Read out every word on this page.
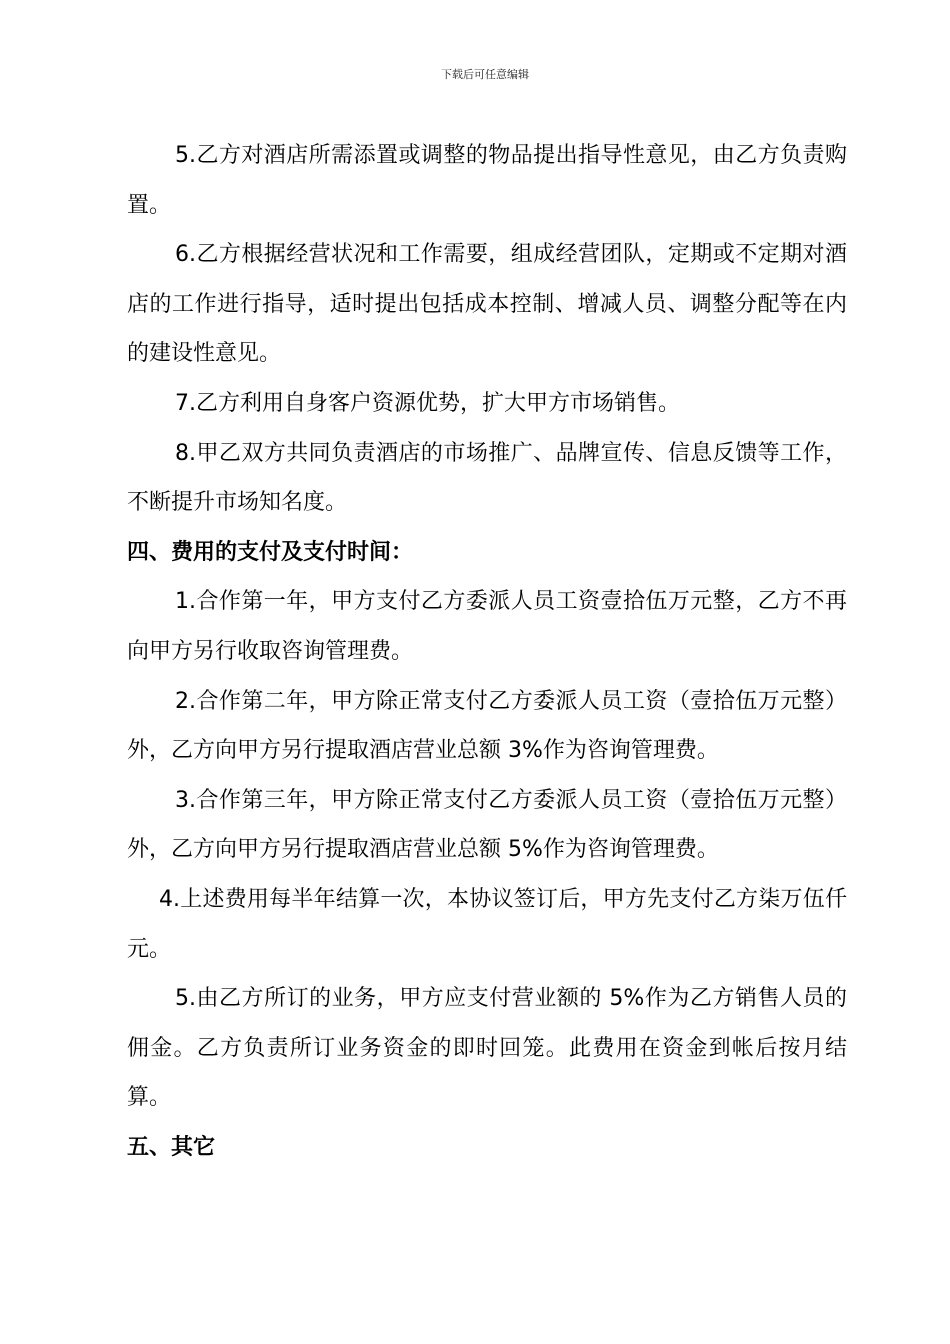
下载后可任意编辑

5.乙方对酒店所需添置或调整的物品提出指导性意见，由乙方负责购置。

6.乙方根据经营状况和工作需要，组成经营团队，定期或不定期对酒店的工作进行指导，适时提出包括成本控制、增减人员、调整分配等在内的建设性意见。

7.乙方利用自身客户资源优势，扩大甲方市场销售。

8.甲乙双方共同负责酒店的市场推广、品牌宣传、信息反馈等工作，不断提升市场知名度。

四、费用的支付及支付时间：

1.合作第一年，甲方支付乙方委派人员工资壹拾伍万元整，乙方不再向甲方另行收取咨询管理费。

2.合作第二年，甲方除正常支付乙方委派人员工资（壹拾伍万元整）外，乙方向甲方另行提取酒店营业总额 3%作为咨询管理费。

3.合作第三年，甲方除正常支付乙方委派人员工资（壹拾伍万元整）外，乙方向甲方另行提取酒店营业总额 5%作为咨询管理费。

4.上述费用每半年结算一次，本协议签订后，甲方先支付乙方柒万伍仟元。

5.由乙方所订的业务，甲方应支付营业额的 5%作为乙方销售人员的佣金。乙方负责所订业务资金的即时回笼。此费用在资金到帐后按月结算。

五、其它
